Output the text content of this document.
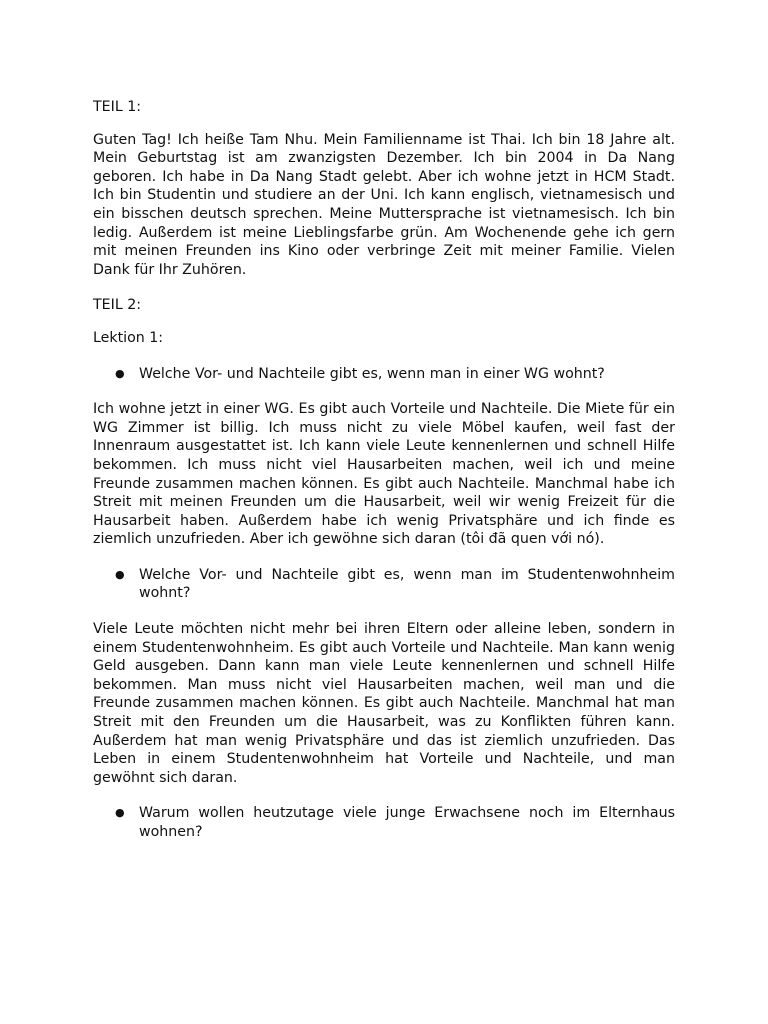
TEIL 1:

Guten Tag! Ich heiße Tam Nhu. Mein Familienname ist Thai. Ich bin 18 Jahre alt. Mein Geburtstag ist am zwanzigsten Dezember. Ich bin 2004 in Da Nang geboren. Ich habe in Da Nang Stadt gelebt. Aber ich wohne jetzt in HCM Stadt. Ich bin Studentin und studiere an der Uni. Ich kann englisch, vietnamesisch und ein bisschen deutsch sprechen. Meine Muttersprache ist vietnamesisch. Ich bin ledig. Außerdem ist meine Lieblingsfarbe grün. Am Wochenende gehe ich gern mit meinen Freunden ins Kino oder verbringe Zeit mit meiner Familie. Vielen Dank für Ihr Zuhören.

TEIL 2:

Lektion 1:

● Welche Vor- und Nachteile gibt es, wenn man in einer WG wohnt?

Ich wohne jetzt in einer WG. Es gibt auch Vorteile und Nachteile. Die Miete für ein WG Zimmer ist billig. Ich muss nicht zu viele Möbel kaufen, weil fast der Innenraum ausgestattet ist. Ich kann viele Leute kennenlernen und schnell Hilfe bekommen. Ich muss nicht viel Hausarbeiten machen, weil ich und meine Freunde zusammen machen können. Es gibt auch Nachteile. Manchmal habe ich Streit mit meinen Freunden um die Hausarbeit, weil wir wenig Freizeit für die Hausarbeit haben. Außerdem habe ich wenig Privatsphäre und ich finde es ziemlich unzufrieden. Aber ich gewöhne sich daran (tôi đã quen với nó).

● Welche Vor- und Nachteile gibt es, wenn man im Studentenwohnheim wohnt?

Viele Leute möchten nicht mehr bei ihren Eltern oder alleine leben, sondern in einem Studentenwohnheim. Es gibt auch Vorteile und Nachteile. Man kann wenig Geld ausgeben. Dann kann man viele Leute kennenlernen und schnell Hilfe bekommen. Man muss nicht viel Hausarbeiten machen, weil man und die Freunde zusammen machen können. Es gibt auch Nachteile. Manchmal hat man Streit mit den Freunden um die Hausarbeit, was zu Konflikten führen kann. Außerdem hat man wenig Privatsphäre und das ist ziemlich unzufrieden. Das Leben in einem Studentenwohnheim hat Vorteile und Nachteile, und man gewöhnt sich daran.

● Warum wollen heutzutage viele junge Erwachsene noch im Elternhaus wohnen?
